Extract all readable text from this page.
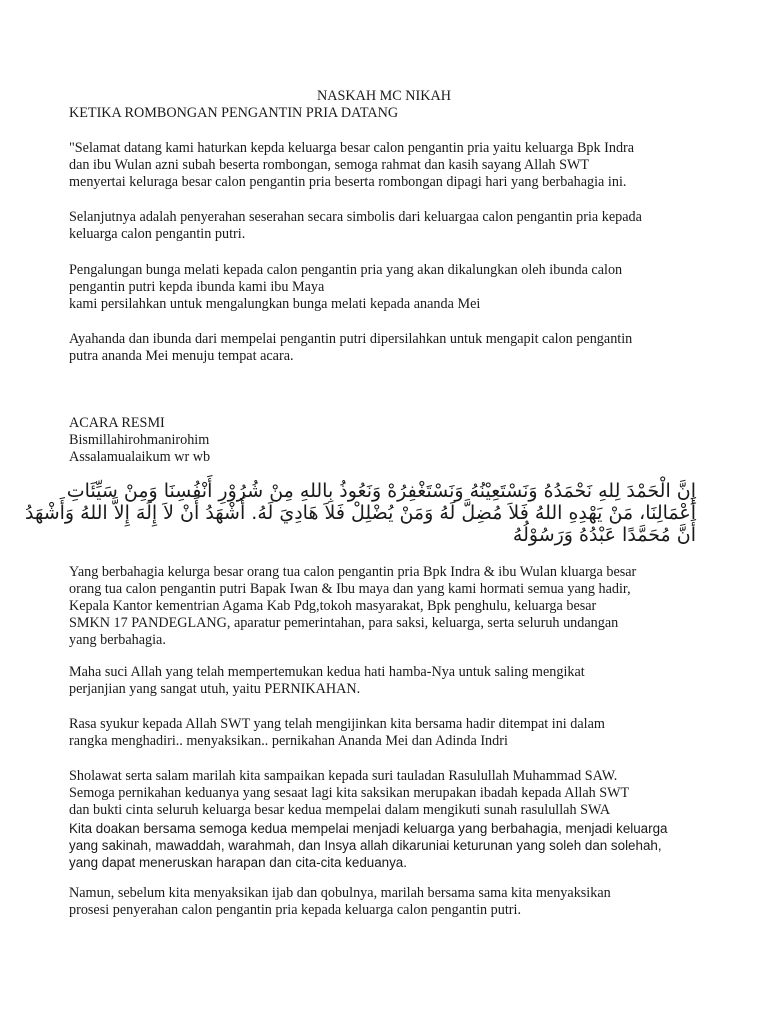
NASKAH MC NIKAH
KETIKA ROMBONGAN PENGANTIN PRIA DATANG
"Selamat datang kami haturkan kepda keluarga besar calon pengantin pria yaitu keluarga Bpk Indra
dan ibu Wulan azni subah beserta rombongan, semoga rahmat dan kasih sayang Allah SWT
menyertai keluraga besar calon pengantin pria beserta rombongan dipagi hari yang berbahagia ini.
Selanjutnya adalah penyerahan seserahan secara simbolis dari keluargaa calon pengantin pria kepada
keluarga calon pengantin putri.
Pengalungan bunga melati kepada calon pengantin pria yang akan dikalungkan oleh ibunda calon
pengantin putri kepda ibunda kami ibu Maya
kami persilahkan untuk mengalungkan bunga melati kepada ananda Mei
Ayahanda dan ibunda dari mempelai pengantin putri dipersilahkan untuk mengapit calon pengantin
putra ananda Mei menuju tempat acara.
ACARA RESMI
Bismillahirohmanirohim
Assalamualaikum wr wb
إِنَّ الْحَمْدَ لِلهِ نَحْمَدُهُ وَنَسْتَعِيْنُهُ وَنَسْتَغْفِرُهْ وَنَعُوذُ بِاللهِ مِنْ شُرُوْرِ أَنْفُسِنَا وَمِنْ سَيِّئَاتِ
أَعْمَالِنَا، مَنْ يَهْدِهِ اللهُ فَلاَ مُضِلَّ لَهُ وَمَنْ يُضْلِلْ فَلاَ هَادِيَ لَهُ. أَشْهَدُ أَنْ لاَ إِلَهَ إِلاَّ اللهُ وَأَشْهَدُ
أَنَّ مُحَمَّدًا عَبْدُهُ وَرَسُوْلُهُ
Yang berbahagia kelurga besar orang tua calon pengantin pria Bpk Indra & ibu Wulan kluarga besar
orang tua calon pengantin putri Bapak Iwan & Ibu maya dan yang kami hormati semua yang hadir,
Kepala Kantor kementrian Agama Kab Pdg,tokoh masyarakat, Bpk penghulu, keluarga besar
SMKN 17 PANDEGLANG, aparatur pemerintahan, para saksi, keluarga, serta seluruh undangan
yang berbahagia.
Maha suci Allah yang telah mempertemukan kedua hati hamba-Nya untuk saling mengikat
perjanjian yang sangat utuh, yaitu PERNIKAHAN.
Rasa syukur kepada Allah SWT yang telah mengijinkan kita bersama hadir ditempat ini dalam
rangka menghadiri.. menyaksikan.. pernikahan Ananda Mei dan Adinda Indri
Sholawat serta salam marilah kita sampaikan kepada suri tauladan Rasulullah Muhammad SAW.
Semoga pernikahan keduanya yang sesaat lagi kita saksikan merupakan ibadah kepada Allah SWT
dan bukti cinta seluruh keluarga besar kedua mempelai dalam mengikuti sunah rasulullah SWA
Kita doakan bersama semoga kedua mempelai menjadi keluarga yang berbahagia, menjadi keluarga
yang sakinah, mawaddah, warahmah, dan Insya allah dikaruniai keturunan yang soleh dan solehah,
yang dapat meneruskan harapan dan cita-cita keduanya.
Namun, sebelum kita menyaksikan ijab dan qobulnya, marilah bersama sama kita menyaksikan
prosesi penyerahan calon pengantin pria kepada keluarga calon pengantin putri.
